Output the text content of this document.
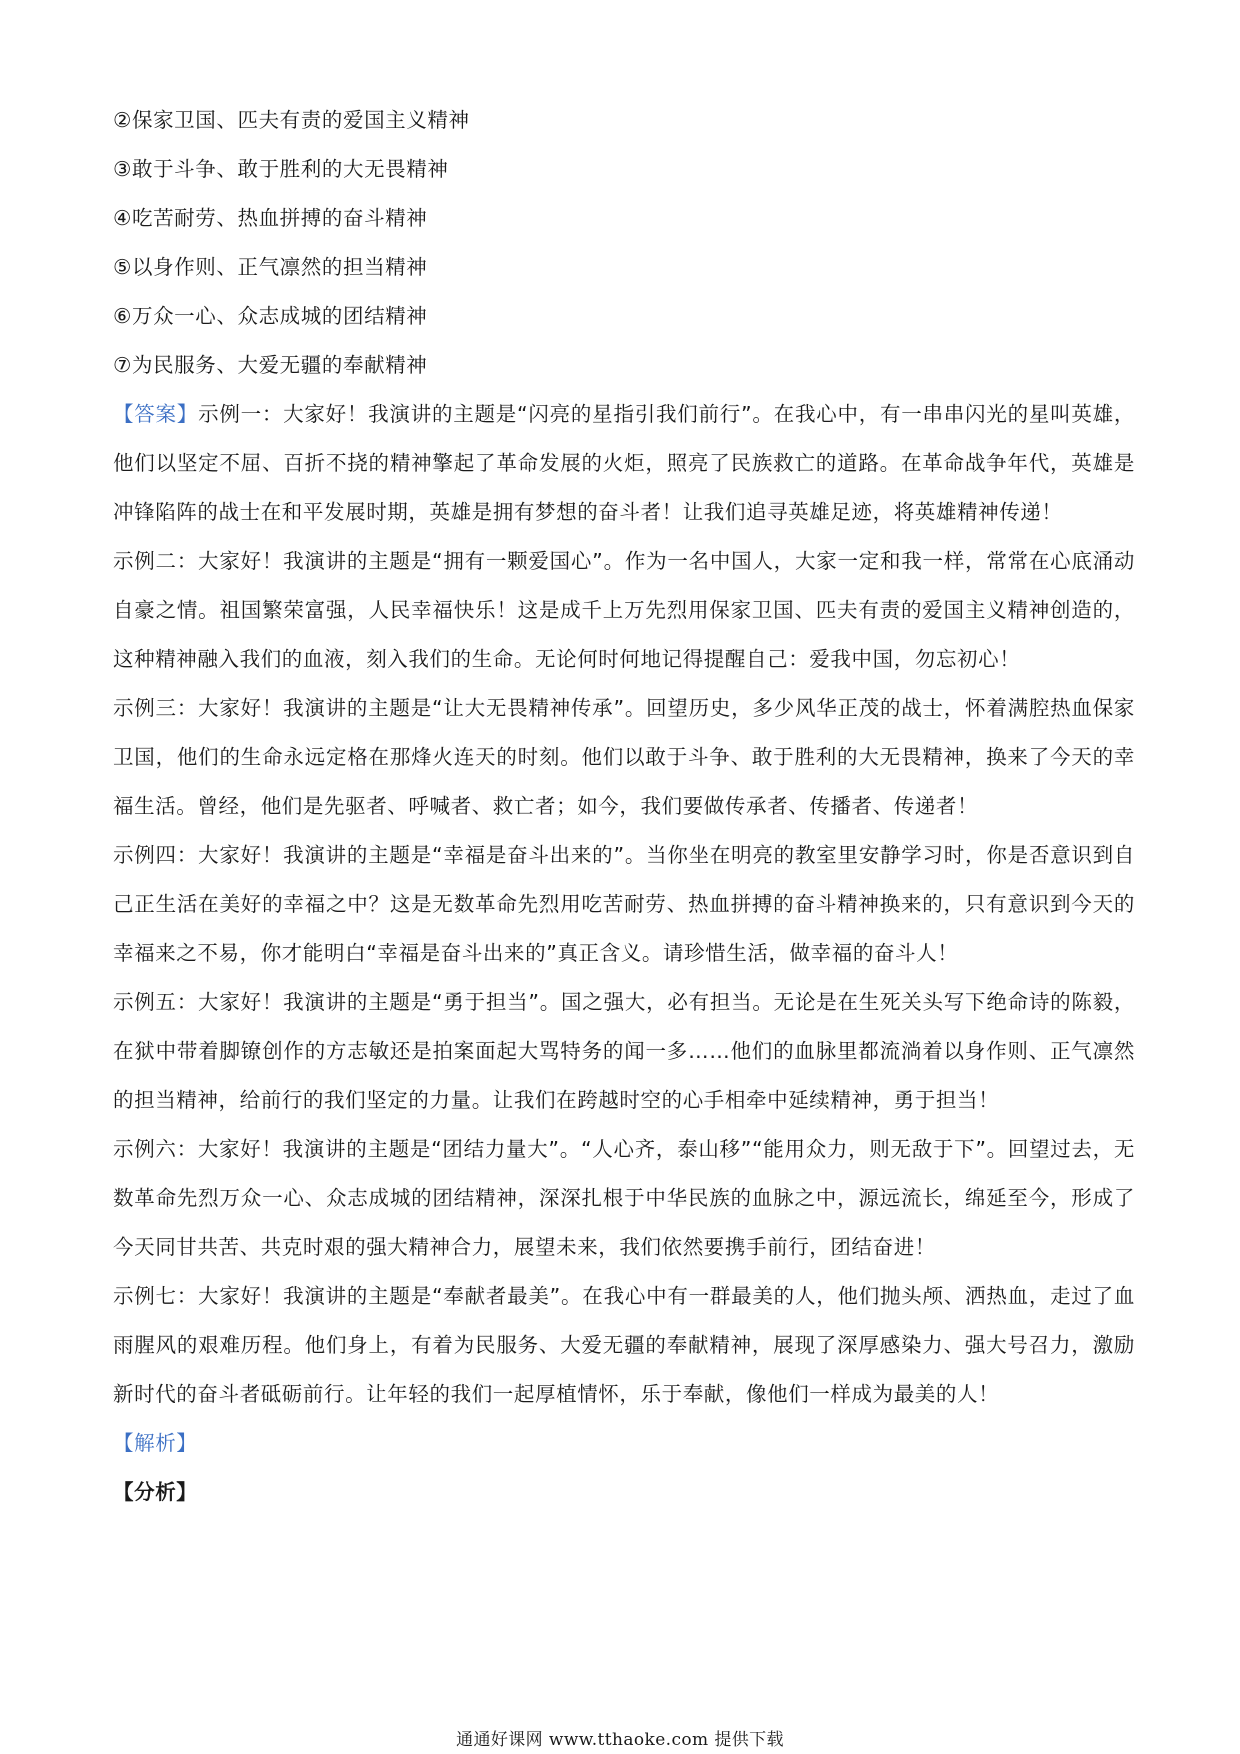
②保家卫国、匹夫有责的爱国主义精神

③敢于斗争、敢于胜利的大无畏精神

④吃苦耐劳、热血拼搏的奋斗精神

⑤以身作则、正气凛然的担当精神

⑥万众一心、众志成城的团结精神

⑦为民服务、大爱无疆的奉献精神

【答案】示例一：大家好！我演讲的主题是“闪亮的星指引我们前行”。在我心中，有一串串闪光的星叫英雄，他们以坚定不屈、百折不挠的精神擎起了革命发展的火炬，照亮了民族救亡的道路。在革命战争年代，英雄是冲锋陷阵的战士在和平发展时期，英雄是拥有梦想的奋斗者！让我们追寻英雄足迹，将英雄精神传递！

示例二：大家好！我演讲的主题是“拥有一颗爱国心”。作为一名中国人，大家一定和我一样，常常在心底涌动自豪之情。祖国繁荣富强，人民幸福快乐！这是成千上万先烈用保家卫国、匹夫有责的爱国主义精神创造的，这种精神融入我们的血液，刻入我们的生命。无论何时何地记得提醒自己：爱我中国，勿忘初心！

示例三：大家好！我演讲的主题是“让大无畏精神传承”。回望历史，多少风华正茂的战士，怀着满腔热血保家卫国，他们的生命永远定格在那烽火连天的时刻。他们以敢于斗争、敢于胜利的大无畏精神，换来了今天的幸福生活。曾经，他们是先驱者、呼喊者、救亡者；如今，我们要做传承者、传播者、传递者！

示例四：大家好！我演讲的主题是“幸福是奋斗出来的”。当你坐在明亮的教室里安静学习时，你是否意识到自己正生活在美好的幸福之中？这是无数革命先烈用吃苦耐劳、热血拼搏的奋斗精神换来的，只有意识到今天的幸福来之不易，你才能明白“幸福是奋斗出来的”真正含义。请珍惜生活，做幸福的奋斗人！

示例五：大家好！我演讲的主题是“勇于担当”。国之强大，必有担当。无论是在生死关头写下绝命诗的陈毅，在狱中带着脚镣创作的方志敏还是拍案面起大骂特务的闻一多……他们的血脉里都流淌着以身作则、正气凛然的担当精神，给前行的我们坚定的力量。让我们在跨越时空的心手相牵中延续精神，勇于担当！

示例六：大家好！我演讲的主题是“团结力量大”。“人心齐，泰山移”“能用众力，则无敌于下”。回望过去，无数革命先烈万众一心、众志成城的团结精神，深深扎根于中华民族的血脉之中，源远流长，绵延至今，形成了今天同甘共苦、共克时艰的强大精神合力，展望未来，我们依然要携手前行，团结奋进！

示例七：大家好！我演讲的主题是“奉献者最美”。在我心中有一群最美的人，他们抛头颅、洒热血，走过了血雨腥风的艰难历程。他们身上，有着为民服务、大爱无疆的奉献精神，展现了深厚感染力、强大号召力，激励新时代的奋斗者砥砺前行。让年轻的我们一起厚植情怀，乐于奉献，像他们一样成为最美的人！

【解析】

【分析】

通通好课网 www.tthaoke.com 提供下载
